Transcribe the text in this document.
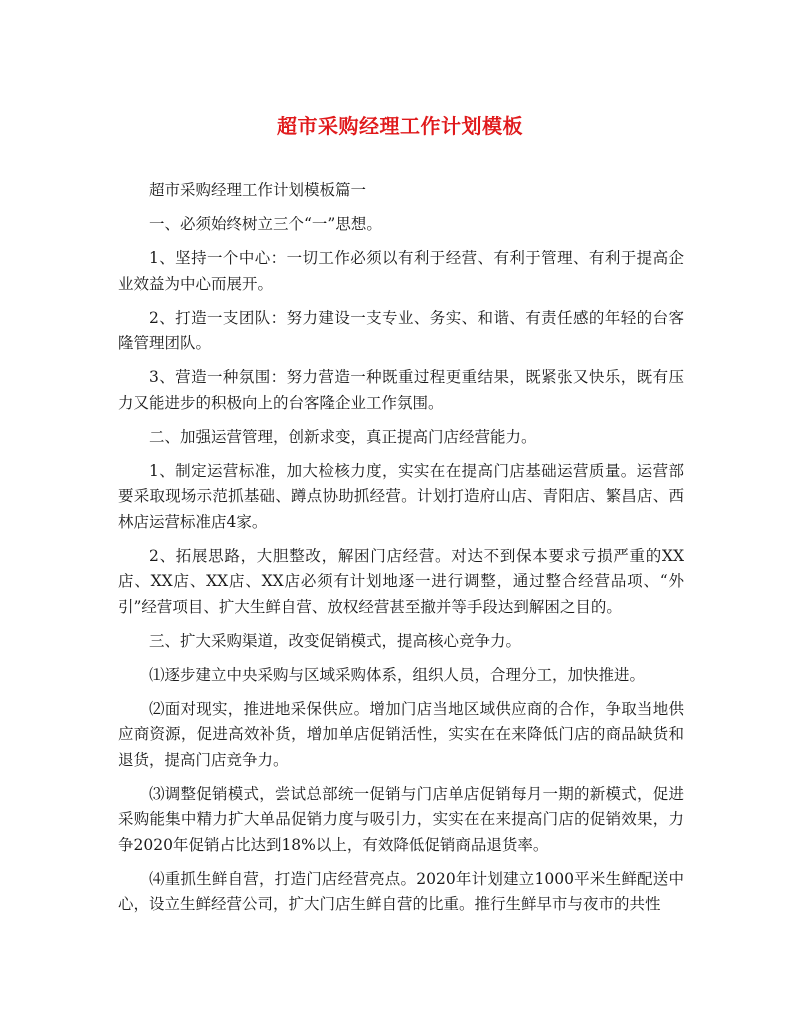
超市采购经理工作计划模板

超市采购经理工作计划模板篇一

一、必须始终树立三个“一”思想。

1、坚持一个中心：一切工作必须以有利于经营、有利于管理、有利于提高企业效益为中心而展开。

2、打造一支团队：努力建设一支专业、务实、和谐、有责任感的年轻的台客隆管理团队。

3、营造一种氛围：努力营造一种既重过程更重结果，既紧张又快乐，既有压力又能进步的积极向上的台客隆企业工作氛围。

二、加强运营管理，创新求变，真正提高门店经营能力。

1、制定运营标准，加大检核力度，实实在在提高门店基础运营质量。运营部要采取现场示范抓基础、蹲点协助抓经营。计划打造府山店、青阳店、繁昌店、西林店运营标准店4家。

2、拓展思路，大胆整改，解困门店经营。对达不到保本要求亏损严重的XX店、XX店、XX店、XX店必须有计划地逐一进行调整，通过整合经营品项、“外引”经营项目、扩大生鲜自营、放权经营甚至撤并等手段达到解困之目的。

三、扩大采购渠道，改变促销模式，提高核心竞争力。

⑴逐步建立中央采购与区域采购体系，组织人员，合理分工，加快推进。

⑵面对现实，推进地采保供应。增加门店当地区域供应商的合作，争取当地供应商资源，促进高效补货，增加单店促销活性，实实在在来降低门店的商品缺货和退货，提高门店竞争力。

⑶调整促销模式，尝试总部统一促销与门店单店促销每月一期的新模式，促进采购能集中精力扩大单品促销力度与吸引力，实实在在来提高门店的促销效果，力争2020年促销占比达到18%以上，有效降低促销商品退货率。

⑷重抓生鲜自营，打造门店经营亮点。2020年计划建立1000平米生鲜配送中心，设立生鲜经营公司，扩大门店生鲜自营的比重。推行生鲜早市与夜市的共性
